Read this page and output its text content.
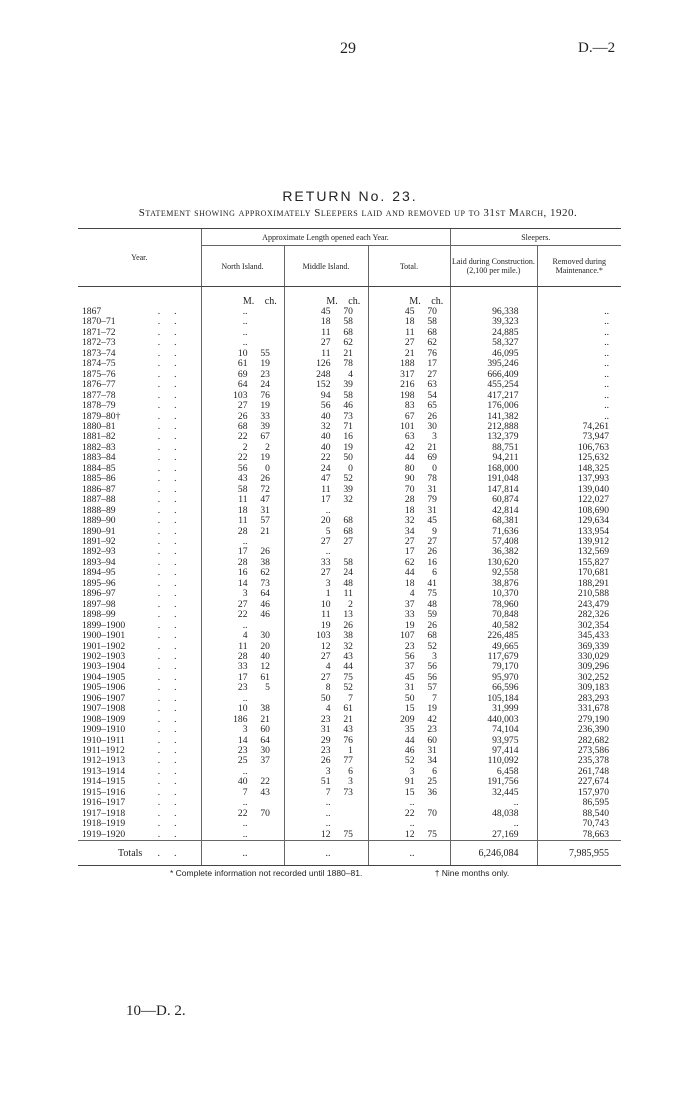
29	D.—2
RETURN No. 23.
Statement showing approximately Sleepers laid and removed up to 31st March, 1920.
Year.	Approximate Length opened each Year.			Sleepers.	
	North Island.	Middle Island.	Total.	Laid during Construction. (2,100 per mile.)	Removed during Maintenance.*
	M. ch.	M. ch.	M. ch.		
1867 ..	..	45 70	45 70	96,338	..
1870–71 ..	..	18 58	18 58	39,323	..
1871–72 ..	..	11 68	11 68	24,885	..
1872–73 ..	..	27 62	27 62	58,327	..
1873–74 ..	10 55	11 21	21 76	46,095	..
1874–75 ..	61 19	126 78	188 17	395,246	..
1875–76 ..	69 23	248 4	317 27	666,409	..
1876–77 ..	64 24	152 39	216 63	455,254	..
1877–78 ..	103 76	94 58	198 54	417,217	..
1878–79 ..	27 19	56 46	83 65	176,006	..
1879–80† ..	26 33	40 73	67 26	141,382	..
1880–81 ..	68 39	32 71	101 30	212,888	74,261
1881–82 ..	22 67	40 16	63 3	132,379	73,947
1882–83 ..	2 2	40 19	42 21	88,751	106,763
1883–84 ..	22 19	22 50	44 69	94,211	125,632
1884–85 ..	56 0	24 0	80 0	168,000	148,325
1885–86 ..	43 26	47 52	90 78	191,048	137,993
1886–87 ..	58 72	11 39	70 31	147,814	139,040
1887–88 ..	11 47	17 32	28 79	60,874	122,027
1888–89 ..	18 31	..	18 31	42,814	108,690
1889–90 ..	11 57	20 68	32 45	68,381	129,634
1890–91 ..	28 21	5 68	34 9	71,636	133,954
1891–92 ..	..	27 27	27 27	57,408	139,912
1892–93 ..	17 26	..	17 26	36,382	132,569
1893–94 ..	28 38	33 58	62 16	130,620	155,827
1894–95 ..	16 62	27 24	44 6	92,558	170,681
1895–96 ..	14 73	3 48	18 41	38,876	188,291
1896–97 ..	3 64	1 11	4 75	10,370	210,588
1897–98 ..	27 46	10 2	37 48	78,960	243,479
1898–99 ..	22 46	11 13	33 59	70,848	282,326
1899–1900 ..	..	19 26	19 26	40,582	302,354
1900–1901 ..	4 30	103 38	107 68	226,485	345,433
1901–1902 ..	11 20	12 32	23 52	49,665	369,339
1902–1903 ..	28 40	27 43	56 3	117,679	330,029
1903–1904 ..	33 12	4 44	37 56	79,170	309,296
1904–1905 ..	17 61	27 75	45 56	95,970	302,252
1905–1906 ..	23 5	8 52	31 57	66,596	309,183
1906–1907 ..	..	50 7	50 7	105,184	283,293
1907–1908 ..	10 38	4 61	15 19	31,999	331,678
1908–1909 ..	186 21	23 21	209 42	440,003	279,190
1909–1910 ..	3 60	31 43	35 23	74,104	236,390
1910–1911 ..	14 64	29 76	44 60	93,975	282,682
1911–1912 ..	23 30	23 1	46 31	97,414	273,586
1912–1913 ..	25 37	26 77	52 34	110,092	235,378
1913–1914 ..	..	3 6	3 6	6,458	261,748
1914–1915 ..	40 22	51 3	91 25	191,756	227,674
1915–1916 ..	7 43	7 73	15 36	32,445	157,970
1916–1917 ..	..	..	..	..	86,595
1917–1918 ..	22 70	..	22 70	48,038	88,540
1918–1919 ..	..	..	..	..	70,743
1919–1920 ..	..	12 75	12 75	27,169	78,663
Totals ..	..	..	..	6,246,084	7,985,955
* Complete information not recorded until 1880–81.	† Nine months only.
10—D. 2.
